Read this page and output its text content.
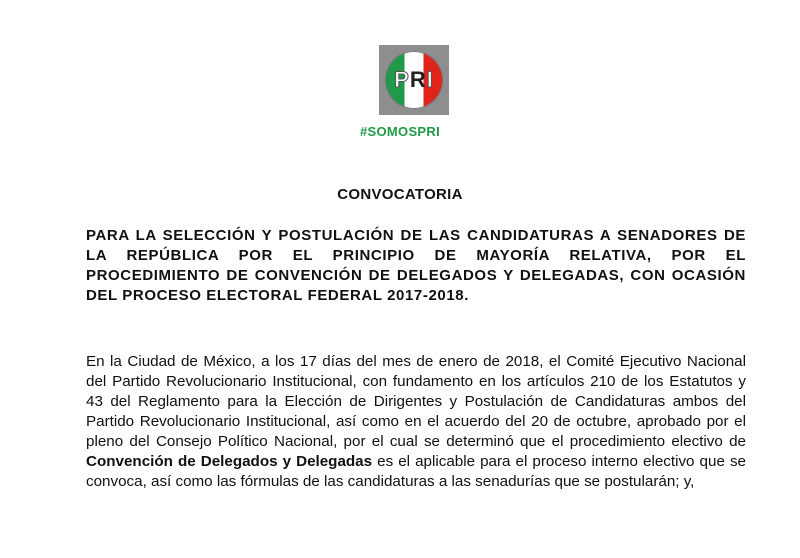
P R I
#SOMOSPRI
CONVOCATORIA
PARA LA SELECCIÓN Y POSTULACIÓN DE LAS CANDIDATURAS A SENADORES DE LA REPÚBLICA POR EL PRINCIPIO DE MAYORÍA RELATIVA, POR EL PROCEDIMIENTO DE CONVENCIÓN DE DELEGADOS Y DELEGADAS, CON OCASIÓN DEL PROCESO ELECTORAL FEDERAL 2017-2018.
En la Ciudad de México, a los 17 días del mes de enero de 2018, el Comité Ejecutivo Nacional del Partido Revolucionario Institucional, con fundamento en los artículos 210 de los Estatutos y 43 del Reglamento para la Elección de Dirigentes y Postulación de Candidaturas ambos del Partido Revolucionario Institucional, así como en el acuerdo del 20 de octubre, aprobado por el pleno del Consejo Político Nacional, por el cual se determinó que el procedimiento electivo de Convención de Delegados y Delegadas es el aplicable para el proceso interno electivo que se convoca, así como las fórmulas de las candidaturas a las senadurías que se postularán; y,
